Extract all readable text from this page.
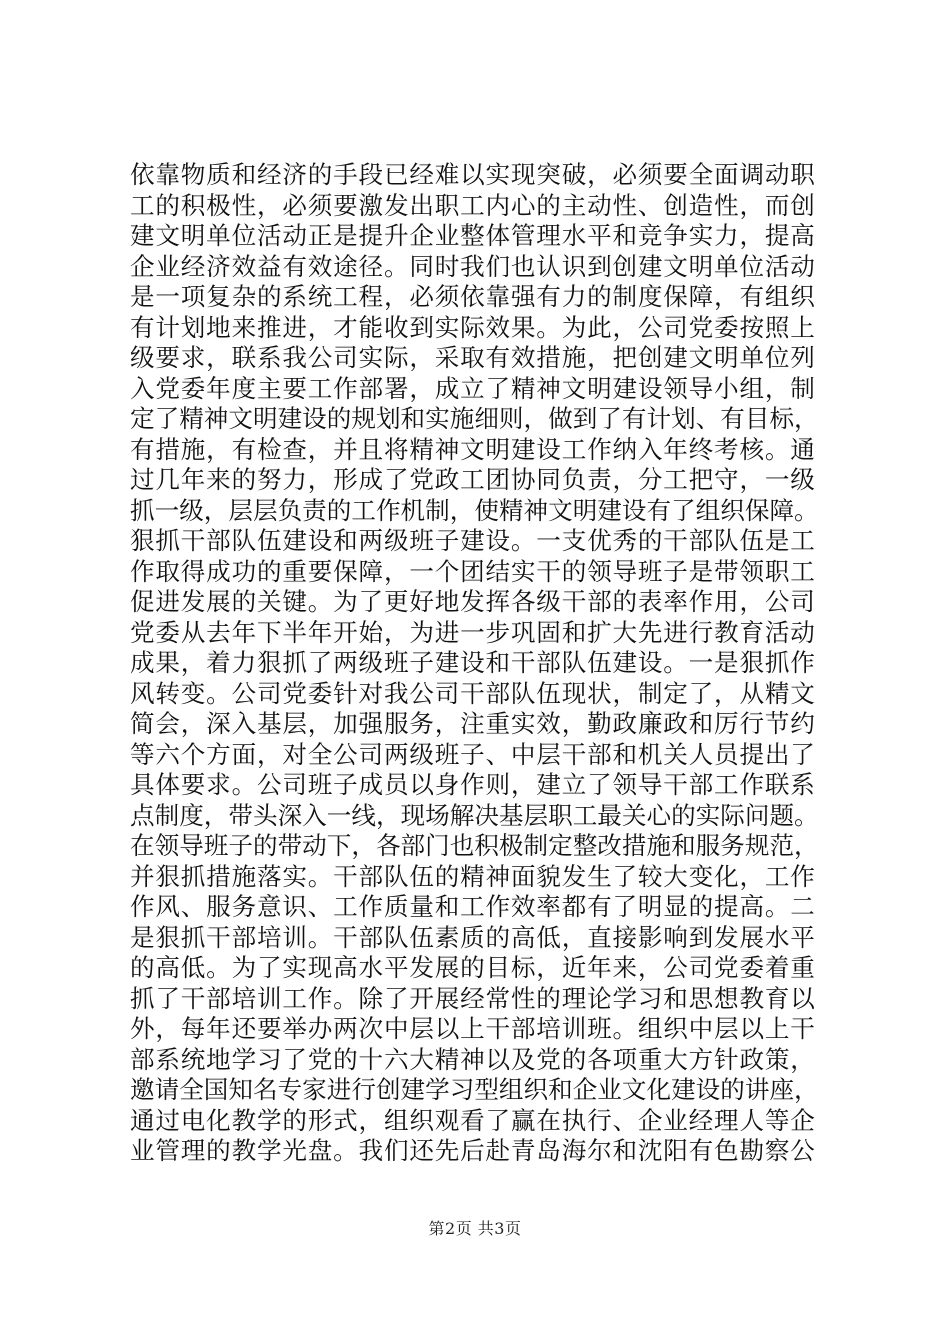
依靠物质和经济的手段已经难以实现突破，必须要全面调动职
工的积极性，必须要激发出职工内心的主动性、创造性，而创
建文明单位活动正是提升企业整体管理水平和竞争实力，提高
企业经济效益有效途径。同时我们也认识到创建文明单位活动
是一项复杂的系统工程，必须依靠强有力的制度保障，有组织
有计划地来推进，才能收到实际效果。为此，公司党委按照上
级要求，联系我公司实际，采取有效措施，把创建文明单位列
入党委年度主要工作部署，成立了精神文明建设领导小组，制
定了精神文明建设的规划和实施细则，做到了有计划、有目标，
有措施，有检查，并且将精神文明建设工作纳入年终考核。通
过几年来的努力，形成了党政工团协同负责，分工把守，一级
抓一级，层层负责的工作机制，使精神文明建设有了组织保障。
狠抓干部队伍建设和两级班子建设。一支优秀的干部队伍是工
作取得成功的重要保障，一个团结实干的领导班子是带领职工
促进发展的关键。为了更好地发挥各级干部的表率作用，公司
党委从去年下半年开始，为进一步巩固和扩大先进行教育活动
成果，着力狠抓了两级班子建设和干部队伍建设。一是狠抓作
风转变。公司党委针对我公司干部队伍现状，制定了，从精文
简会，深入基层，加强服务，注重实效，勤政廉政和厉行节约
等六个方面，对全公司两级班子、中层干部和机关人员提出了
具体要求。公司班子成员以身作则，建立了领导干部工作联系
点制度，带头深入一线，现场解决基层职工最关心的实际问题。
在领导班子的带动下，各部门也积极制定整改措施和服务规范，
并狠抓措施落实。干部队伍的精神面貌发生了较大变化，工作
作风、服务意识、工作质量和工作效率都有了明显的提高。二
是狠抓干部培训。干部队伍素质的高低，直接影响到发展水平
的高低。为了实现高水平发展的目标，近年来，公司党委着重
抓了干部培训工作。除了开展经常性的理论学习和思想教育以
外，每年还要举办两次中层以上干部培训班。组织中层以上干
部系统地学习了党的十六大精神以及党的各项重大方针政策，
邀请全国知名专家进行创建学习型组织和企业文化建设的讲座，
通过电化教学的形式，组织观看了赢在执行、企业经理人等企
业管理的教学光盘。我们还先后赴青岛海尔和沈阳有色勘察公
第2页 共3页
